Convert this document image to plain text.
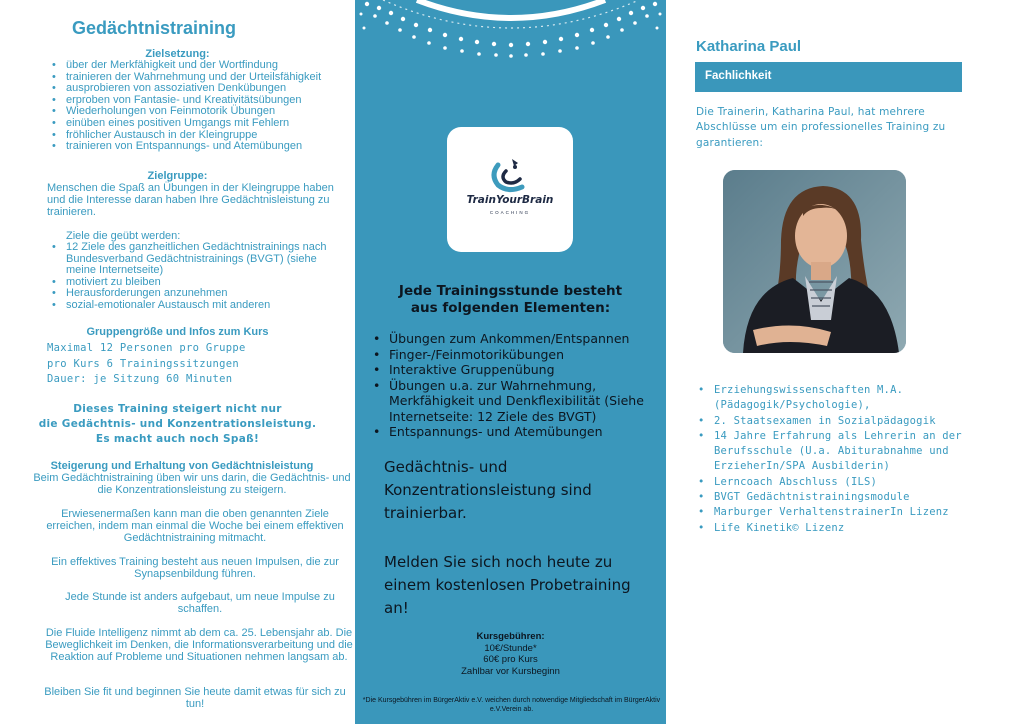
Gedächtnistraining
Zielsetzung:
• über der Merkfähigkeit und der Wortfindung
• trainieren der Wahrnehmung und der Urteilsfähigkeit
• ausprobieren von assoziativen Denkübungen
• erproben von Fantasie- und Kreativitätsübungen
• Wiederholungen von Feinmotorik Übungen
• einüben eines positiven Umgangs mit Fehlern
• fröhlicher Austausch in der Kleingruppe
• trainieren von Entspannungs- und Atemübungen
Zielgruppe:

Menschen die Spaß an Übungen in der Kleingruppe haben und die Interesse daran haben Ihre Gedächtnisleistung zu trainieren.

Ziele die geübt werden:

• 12 Ziele des ganzheitlichen Gedächtnistrainings nach Bundesverband Gedächtnistrainings (BVGT) (siehe meine Internetseite)
• motiviert zu bleiben
• Herausforderungen anzunehmen
• sozial-emotionaler Austausch mit anderen
Gruppengröße und Infos zum Kurs
Maximal 12 Personen pro Gruppe
pro Kurs 6 Trainingssitzungen
Dauer: je Sitzung 60 Minuten
Dieses Training steigert nicht nur
die Gedächtnis- und Konzentrationsleistung.
Es macht auch noch Spaß!
Steigerung und Erhaltung von Gedächtnisleistung

Beim Gedächtnistraining üben wir uns darin, die Gedächtnis- und die Konzentrationsleistung zu steigern.

Erwiesenermaßen kann man die oben genannten Ziele erreichen, indem man einmal die Woche bei einem effektiven Gedächtnistraining mitmacht.

Ein effektives Training besteht aus neuen Impulsen, die zur Synapsenbildung führen.

Jede Stunde ist anders aufgebaut, um neue Impulse zu schaffen.

Die Fluide Intelligenz nimmt ab dem ca. 25. Lebensjahr ab. Die Beweglichkeit im Denken, die Informationsverarbeitung und die Reaktion auf Probleme und Situationen nehmen langsam ab.

Bleiben Sie fit und beginnen Sie heute damit etwas für sich zu tun!

TrainYourBrain
COACHING
Jede Trainingsstunde besteht
aus folgenden Elementen:
• Übungen zum Ankommen/Entspannen
• Finger-/Feinmotorikübungen
• Interaktive Gruppenübung
• Übungen u.a. zur Wahrnehmung, Merkfähigkeit und Denkflexibilität (Siehe Internetseite: 12 Ziele des BVGT)
• Entspannungs- und Atemübungen

Gedächtnis- und Konzentrationsleistung sind trainierbar.

Melden Sie sich noch heute zu einem kostenlosen Probetraining an!

Kursgebühren:
10€/Stunde*
60€ pro Kurs
Zahlbar vor Kursbeginn

*Die Kursgebühren im BürgerAktiv e.V. weichen durch notwendige Mitgliedschaft im BürgerAktiv e.V.Verein ab.

Katharina Paul
Fachlichkeit

Die Trainerin, Katharina Paul, hat mehrere Abschlüsse um ein professionelles Training zu garantieren:

• Erziehungswissenschaften M.A. (Pädagogik/Psychologie),
• 2. Staatsexamen in Sozialpädagogik
• 14 Jahre Erfahrung als Lehrerin an der Berufsschule (U.a. Abiturabnahme und ErzieherIn/SPA Ausbilderin)
• Lerncoach Abschluss (ILS)
• BVGT Gedächtnistrainingsmodule
• Marburger VerhaltenstrainerIn Lizenz
• Life Kinetik© Lizenz
